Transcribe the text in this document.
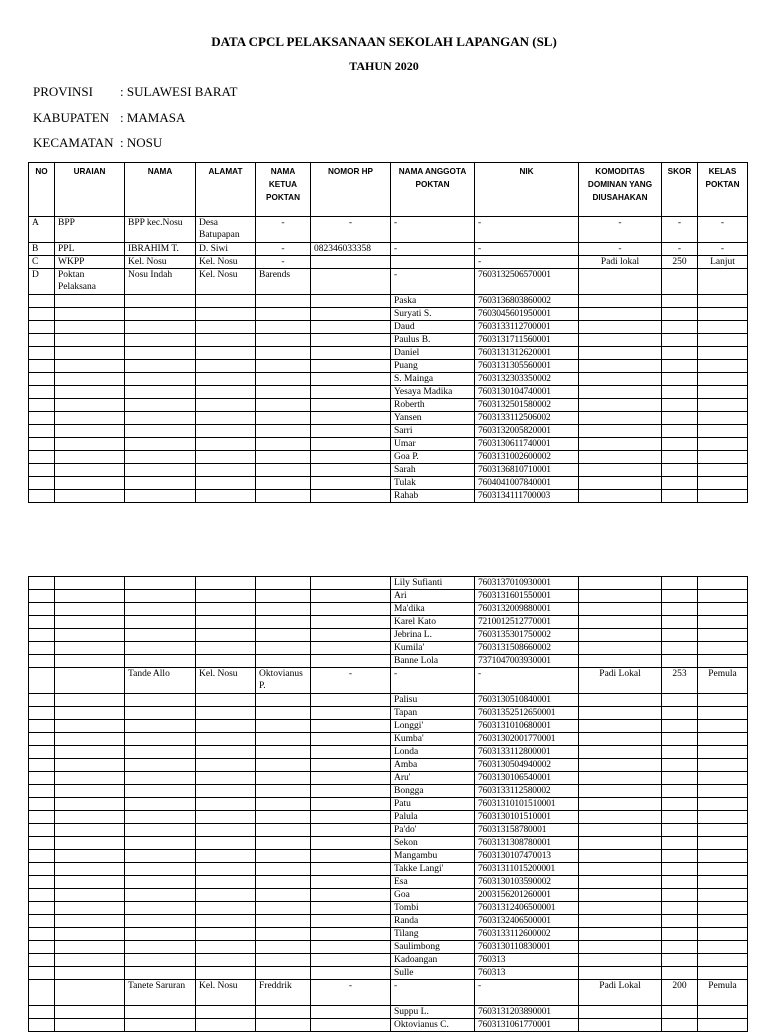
DATA CPCL PELAKSANAAN SEKOLAH LAPANGAN (SL)
TAHUN 2020
PROVINSI : SULAWESI BARAT
KABUPATEN : MAMASA
KECAMATAN : NOSU
NO	URAIAN	NAMA	ALAMAT	NAMA KETUA POKTAN	NOMOR HP	NAMA ANGGOTA POKTAN	NIK	KOMODITAS DOMINAN YANG DIUSAHAKAN	SKOR	KELAS POKTAN
A	BPP	BPP kec.Nosu	Desa Batupapan	-	-	-	-	-	-	-
B	PPL	IBRAHIM T.	D. Siwi	-	082346033358	-	-	-	-	-
C	WKPP	Kel. Nosu	Kel. Nosu	-			-	Padi lokal	250	Lanjut
D	Poktan Pelaksana	Nosu Indah	Kel. Nosu	Barends		-	7603132506570001			
						Paska	7603136803860002			
						Suryati S.	7603045601950001			
						Daud	7603133112700001			
						Paulus B.	7603131711560001			
						Daniel	7603131312620001			
						Puang	7603131305560001			
						S. Mainga	7603132303350002			
						Yesaya Madika	7603130104740001			
						Roberth	7603132501580002			
						Yansen	7603133112506002			
						Sarri	7603132005820001			
						Umar	7603130611740001			
						Goa P.	7603131002600002			
						Sarah	7603136810710001			
						Tulak	7604041007840001			
						Rahab	7603134111700003			
						Lily Sufianti	7603137010930001			
						Ari	7603131601550001			
						Ma'dika	7603132009880001			
						Karel Kato	7210012512770001			
						Jebrina L.	7603135301750002			
						Kumila'	7603131508660002			
						Banne Lola	7371047003930001			
		Tande Allo	Kel. Nosu	Oktovianus P.	-	-	-	Padi Lokal	253	Pemula
						Palisu	7603130510840001			
						Tapan	76031352512650001			
						Longgi'	7603131010680001			
						Kumba'	76031302001770001			
						Londa	7603133112800001			
						Amba	7603130504940002			
						Aru'	7603130106540001			
						Bongga	7603133112580002			
						Patu	76031310101510001			
						Palula	7603130101510001			
						Pa'do'	760313158780001			
						Sekon	7603131308780001			
						Mangambu	7603130107470013			
						Takke Langi'	76031311015200001			
						Esa	7603130103590002			
						Goa	2003156201260001			
						Tombi	76031312406500001			
						Randa	7603132406500001			
						Tilang	7603133112600002			
						Saulimbong	7603130110830001			
						Kadoangan	760313			
						Sulle	760313			
		Tanete Saruran	Kel. Nosu	Freddrik	-	-	-	Padi Lokal	200	Pemula
						Suppu L.	7603131203890001			
						Oktovianus C.	7603131061770001			
